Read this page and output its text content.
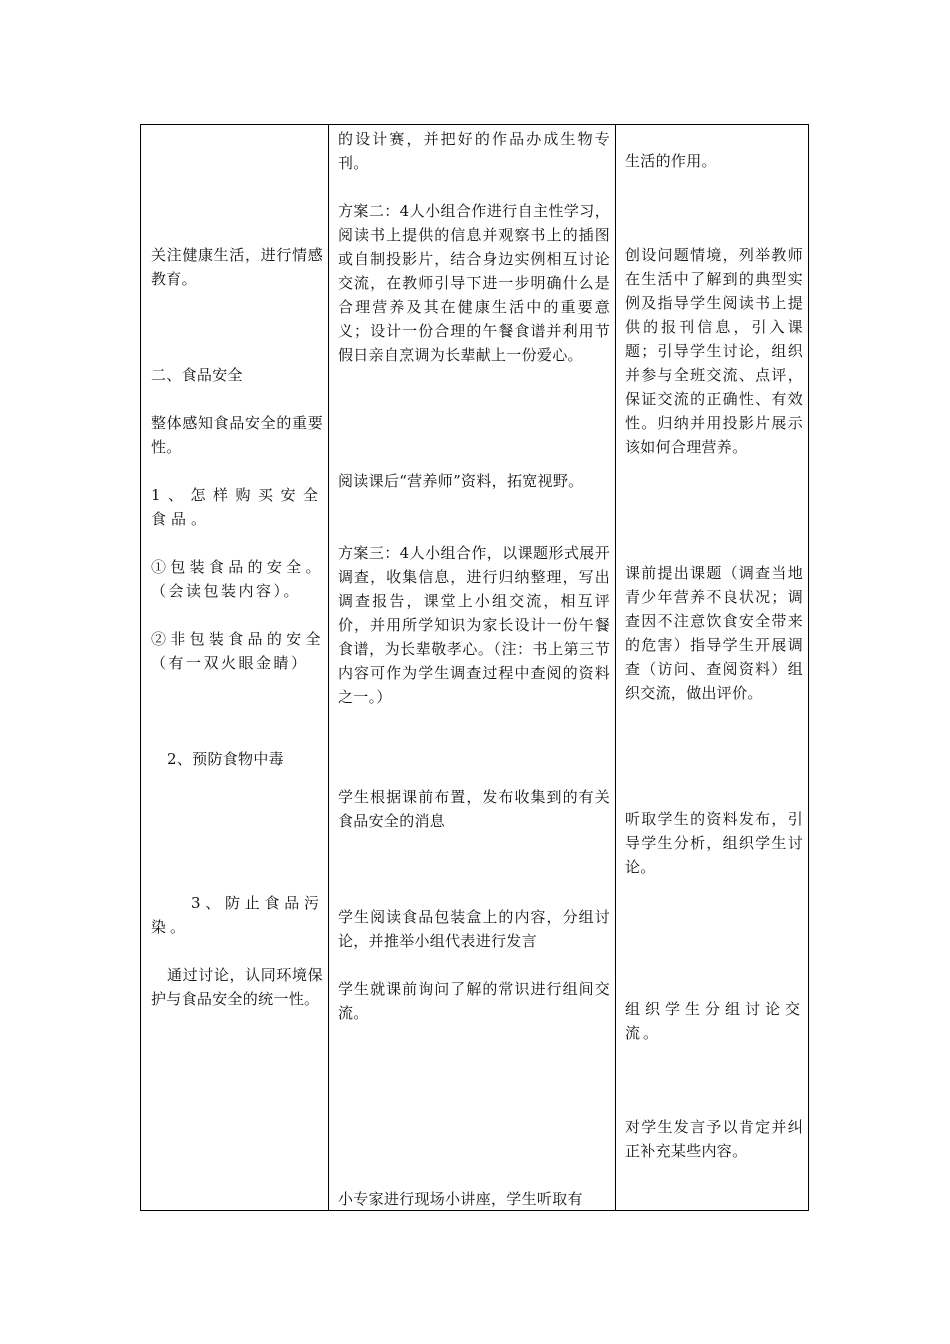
关注健康生活，进行情感教育。

二、食品安全

整体感知食品安全的重要性。

1、怎样购买安全食品。

①包装食品的安全。（会读包装内容）。

②非包装食品的安全（有一双火眼金睛）

2、预防食物中毒

3、防止食品污染。

通过讨论，认同环境保护与食品安全的统一性。

的设计赛，并把好的作品办成生物专刊。

方案二：4人小组合作进行自主性学习，阅读书上提供的信息并观察书上的插图或自制投影片，结合身边实例相互讨论交流，在教师引导下进一步明确什么是合理营养及其在健康生活中的重要意义；设计一份合理的午餐食谱并利用节假日亲自烹调为长辈献上一份爱心。

阅读课后“营养师”资料，拓宽视野。

方案三：4人小组合作，以课题形式展开调查，收集信息，进行归纳整理，写出调查报告，课堂上小组交流，相互评价，并用所学知识为家长设计一份午餐食谱，为长辈敬孝心。（注：书上第三节内容可作为学生调查过程中查阅的资料之一。）

学生根据课前布置，发布收集到的有关食品安全的消息

学生阅读食品包装盒上的内容，分组讨论，并推举小组代表进行发言

学生就课前询问了解的常识进行组间交流。

小专家进行现场小讲座，学生听取有

生活的作用。

创设问题情境，列举教师在生活中了解到的典型实例及指导学生阅读书上提供的报刊信息，引入课题；引导学生讨论，组织并参与全班交流、点评，保证交流的正确性、有效性。归纳并用投影片展示该如何合理营养。

课前提出课题（调查当地青少年营养不良状况；调查因不注意饮食安全带来的危害）指导学生开展调查（访问、查阅资料）组织交流，做出评价。

听取学生的资料发布，引导学生分析，组织学生讨论。

组织学生分组讨论交流。

对学生发言予以肯定并纠正补充某些内容。
